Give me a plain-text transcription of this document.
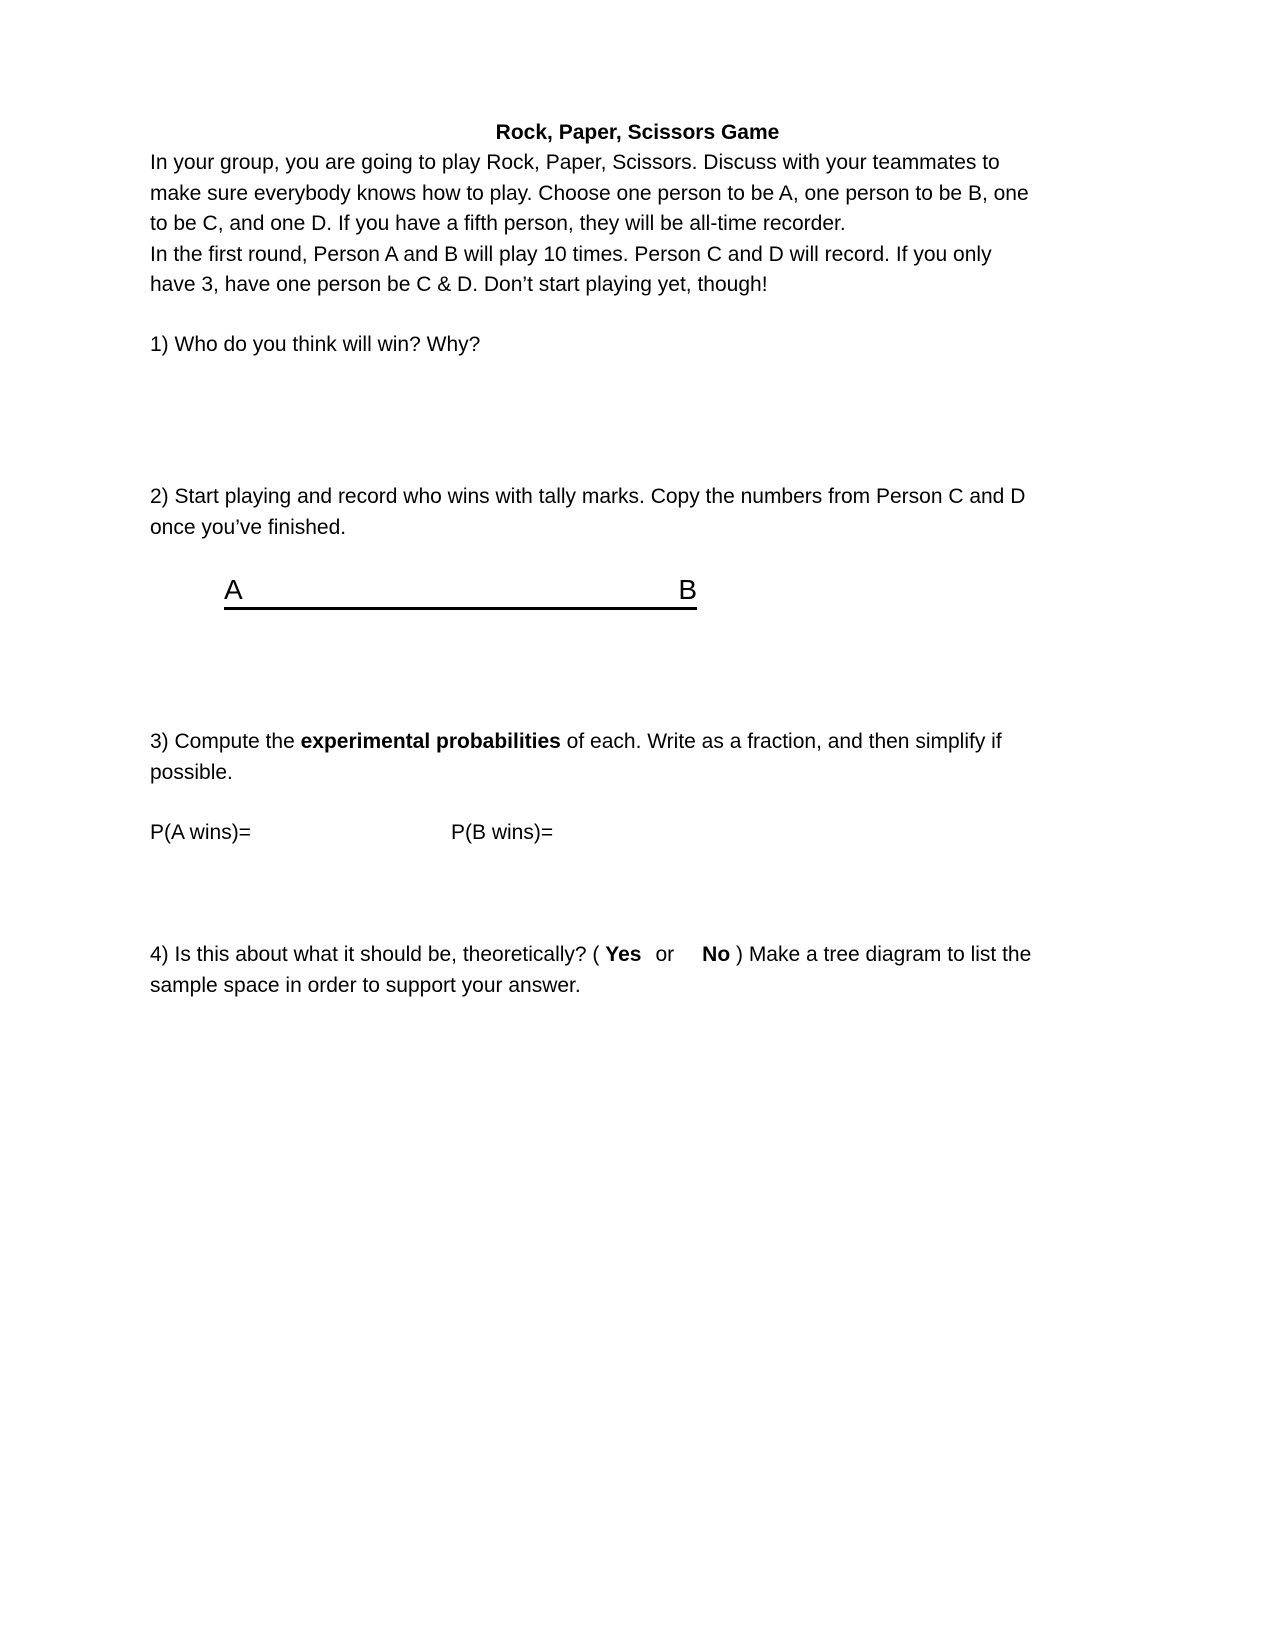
Rock, Paper, Scissors Game
In your group, you are going to play Rock, Paper, Scissors. Discuss with your teammates to
make sure everybody knows how to play. Choose one person to be A, one person to be B, one
to be C, and one D. If you have a fifth person, they will be all-time recorder.
In the first round, Person A and B will play 10 times. Person C and D will record. If you only
have 3, have one person be C & D. Don’t start playing yet, though!
1) Who do you think will win? Why?
2) Start playing and record who wins with tally marks. Copy the numbers from Person C and D
once you’ve finished.
A	B
3) Compute the experimental probabilities of each. Write as a fraction, and then simplify if
possible.
P(A wins)=	P(B wins)=
4) Is this about what it should be, theoretically? ( Yes or No ) Make a tree diagram to list the
sample space in order to support your answer.
